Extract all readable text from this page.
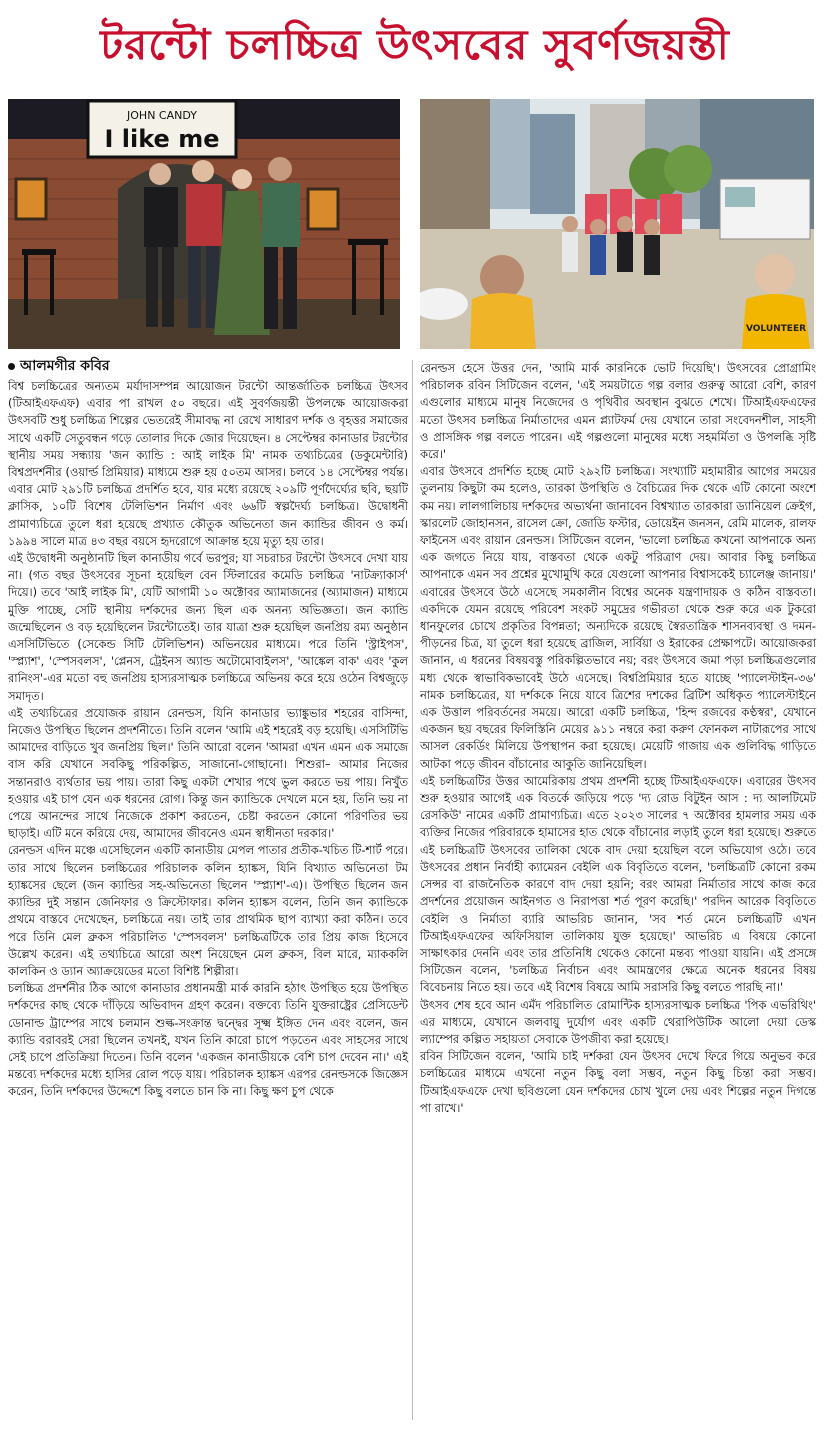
টরন্টো চলচ্চিত্র উৎসবের সুবর্ণজয়ন্তী
JOHN CANDY
I like me
VOLUNTEER
আলমগীর কবির

বিশ্ব চলচ্চিত্রের অন্যতম মর্যাদাসম্পন্ন আয়োজন টরন্টো আন্তর্জাতিক চলচ্চিত্র উৎসব (টিআইএফএফ) এবার পা রাখল ৫০ বছরে। এই সুবর্ণজয়ন্তী উপলক্ষে আয়োজকরা উৎসবটি শুধু চলচ্চিত্র শিল্পের ভেতরেই সীমাবদ্ধ না রেখে সাধারণ দর্শক ও বৃহত্তর সমাজের সাথে একটি সেতুবন্ধন গড়ে তোলার দিকে জোর দিয়েছেন। ৪ সেপ্টেম্বর কানাডার টরন্টোর স্থানীয় সময় সন্ধ্যায় 'জন ক্যান্ডি : আই লাইক মি' নামক তথ্যচিত্রের (ডকুমেন্টারি) বিশ্বপ্রদর্শনীর (ওয়ার্ল্ড প্রিমিয়ার) মাধ্যমে শুরু হয় ৫০তম আসর। চলবে ১৪ সেপ্টেম্বর পর্যন্ত। এবার মোট ২৯১টি চলচ্চিত্র প্রদর্শিত হবে, যার মধ্যে রয়েছে ২০৯টি পূর্ণদৈর্ঘ্যের ছবি, ছয়টি ক্লাসিক, ১০টি বিশেষ টেলিভিশন নির্মাণ এবং ৬৬টি স্বল্পদৈর্ঘ্য চলচ্চিত্র। উদ্বোধনী প্রামাণ্যচিত্রে তুলে ধরা হয়েছে প্রখ্যাত কৌতুক অভিনেতা জন ক্যান্ডির জীবন ও কর্ম। ১৯৯৪ সালে মাত্র ৪৩ বছর বয়সে হৃদরোগে আক্রান্ত হয়ে মৃত্যু হয় তার।

এই উদ্বোধনী অনুষ্ঠানটি ছিল কানাডীয় গর্বে ভরপুর; যা সচরাচর টরন্টো উৎসবে দেখা যায় না। (গত বছর উৎসবের সূচনা হয়েছিল বেন স্টিলারের কমেডি চলচ্চিত্র 'নাটক্র্যাকার্স' দিয়ে।) তবে 'আই লাইক মি', যেটি আগামী ১০ অক্টোবর অ্যামাজনের (অ্যামাজন) মাধ্যমে মুক্তি পাচ্ছে, সেটি স্থানীয় দর্শকদের জন্য ছিল এক অনন্য অভিজ্ঞতা। জন ক্যান্ডি জন্মেছিলেন ও বড় হয়েছিলেন টরন্টোতেই। তার যাত্রা শুরু হয়েছিল জনপ্রিয় রম্য অনুষ্ঠান এসসিটিভিতে (সেকেন্ড সিটি টেলিভিশন) অভিনয়ের মাধ্যমে। পরে তিনি 'স্ট্রাইপস', 'স্প্ল্যাশ', 'স্পেসবলস', 'প্লেনস, ট্রেইনস অ্যান্ড অটোমোবাইলস', 'আঙ্কেল বাক' এবং 'কুল রানিংস'-এর মতো বহু জনপ্রিয় হাস্যরসাত্মক চলচ্চিত্রে অভিনয় করে হয়ে ওঠেন বিশ্বজুড়ে সমাদৃত।

এই তথ্যচিত্রের প্রযোজক রায়ান রেনল্ডস, যিনি কানাডার ভ্যাঙ্কুভার শহরের বাসিন্দা, নিজেও উপস্থিত ছিলেন প্রদর্শনীতে। তিনি বলেন 'আমি এই শহরেই বড় হয়েছি। এসসিটিভি আমাদের বাড়িতে খুব জনপ্রিয় ছিল।' তিনি আরো বলেন 'আমরা এখন এমন এক সমাজে বাস করি যেখানে সবকিছু পরিকল্পিত, সাজানো-গোছানো। শিশুরা– আমার নিজের সন্তানরাও ব্যর্থতার ভয় পায়। তারা কিছু একটা শেখার পথে ভুল করতে ভয় পায়। নিখুঁত হওয়ার এই চাপ যেন এক ধরনের রোগ। কিন্তু জন ক্যান্ডিকে দেখলে মনে হয়, তিনি ভয় না পেয়ে আনন্দের সাথে নিজেকে প্রকাশ করতেন, চেষ্টা করতেন কোনো পরিণতির ভয় ছাড়াই। এটি মনে করিয়ে দেয়, আমাদের জীবনেও এমন স্বাধীনতা দরকার।'

রেনল্ডস এদিন মঞ্চে এসেছিলেন একটি কানাডীয় মেপল পাতার প্রতীক-খচিত টি-শার্ট পরে। তার সাথে ছিলেন চলচ্চিত্রের পরিচালক কলিন হ্যাঙ্কস, যিনি বিখ্যাত অভিনেতা টম হ্যাঙ্কসের ছেলে (জন ক্যান্ডির সহ-অভিনেতা ছিলেন 'স্প্ল্যাশ'-এ)। উপস্থিত ছিলেন জন ক্যান্ডির দুই সন্তান জেনিফার ও ক্রিস্টোফার। কলিন হ্যাঙ্কস বলেন, তিনি জন ক্যান্ডিকে প্রথমে বাস্তবে দেখেছেন, চলচ্চিত্রে নয়। তাই তার প্রাথমিক ছাপ ব্যাখ্যা করা কঠিন। তবে পরে তিনি মেল ব্রুকস পরিচালিত 'স্পেসবলস' চলচ্চিত্রটিকে তার প্রিয় কাজ হিসেবে উল্লেখ করেন। এই তথ্যচিত্রে আরো অংশ নিয়েছেন মেল ব্রুকস, বিল মারে, ম্যাককলি কালকিন ও ড্যান অ্যাক্রয়েডের মতো বিশিষ্ট শিল্পীরা।

চলচ্চিত্র প্রদর্শনীর ঠিক আগে কানাডার প্রধানমন্ত্রী মার্ক কারনি হঠাৎ উপস্থিত হয়ে উপস্থিত দর্শকদের কাছ থেকে দাঁড়িয়ে অভিবাদন গ্রহণ করেন। বক্তব্যে তিনি যুক্তরাষ্ট্রের প্রেসিডেন্ট ডোনাল্ড ট্রাম্পের সাথে চলমান শুল্ক-সংক্রান্ত দ্বন্দ্বের সূক্ষ্ম ইঙ্গিত দেন এবং বলেন, জন ক্যান্ডি বরাবরই সেরা ছিলেন তখনই, যখন তিনি কারো চাপে পড়তেন এবং সাহসের সাথে সেই চাপে প্রতিক্রিয়া দিতেন। তিনি বলেন 'একজন কানাডীয়কে বেশি চাপ দেবেন না।' এই মন্তব্যে দর্শকদের মধ্যে হাসির রোল পড়ে যায়। পরিচালক হ্যাঙ্কস এরপর রেনল্ডসকে জিজ্ঞেস করেন, তিনি দর্শকদের উদ্দেশে কিছু বলতে চান কি না। কিছু ক্ষণ চুপ থেকে

রেনল্ডস হেসে উত্তর দেন, 'আমি মার্ক কারনিকে ভোট দিয়েছি'। উৎসবের প্রোগ্রামিং পরিচালক রবিন সিটিজেন বলেন, 'এই সময়টাতে গল্প বলার গুরুত্ব আরো বেশি, কারণ এগুলোর মাধ্যমে মানুষ নিজেদের ও পৃথিবীর অবস্থান বুঝতে শেখে। টিআইএফএফের মতো উৎসব চলচ্চিত্র নির্মাতাদের এমন প্ল্যাটফর্ম দেয় যেখানে তারা সংবেদনশীল, সাহসী ও প্রাসঙ্গিক গল্প বলতে পারেন। এই গল্পগুলো মানুষের মধ্যে সহমর্মিতা ও উপলব্ধি সৃষ্টি করে।'

এবার উৎসবে প্রদর্শিত হচ্ছে মোট ২৯২টি চলচ্চিত্র। সংখ্যাটি মহামারীর আগের সময়ের তুলনায় কিছুটা কম হলেও, তারকা উপস্থিতি ও বৈচিত্রের দিক থেকে এটি কোনো অংশে কম নয়। লালগালিচায় দর্শকদের অভ্যর্থনা জানাবেন বিশ্বখ্যাত তারকারা ড্যানিয়েল ক্রেইগ, স্কারলেট জোহানসন, রাসেল ক্রো, জোডি ফস্টার, ডোয়েইন জনসন, রেমি মালেক, রালফ ফাইনেস এবং রায়ান রেনল্ডস। সিটিজেন বলেন, 'ভালো চলচ্চিত্র কখনো আপনাকে অন্য এক জগতে নিয়ে যায়, বাস্তবতা থেকে একটু পরিত্রাণ দেয়। আবার কিছু চলচ্চিত্র আপনাকে এমন সব প্রশ্নের মুখোমুখি করে যেগুলো আপনার বিশ্বাসকেই চ্যালেঞ্জ জানায়।' এবারের উৎসবে উঠে এসেছে সমকালীন বিশ্বের অনেক যন্ত্রণাদায়ক ও কঠিন বাস্তবতা। একদিকে যেমন রয়েছে পরিবেশ সংকট সমুদ্রের গভীরতা থেকে শুরু করে এক টুকরো ধানফুলের চোখে প্রকৃতির বিপন্নতা; অন্যদিকে রয়েছে স্বৈরতান্ত্রিক শাসনব্যবস্থা ও দমন-পীড়নের চিত্র, যা তুলে ধরা হয়েছে ব্রাজিল, সার্বিয়া ও ইরাকের প্রেক্ষাপটে। আয়োজকরা জানান, এ ধরনের বিষয়বস্তু পরিকল্পিতভাবে নয়; বরং উৎসবে জমা পড়া চলচ্চিত্রগুলোর মধ্য থেকে স্বাভাবিকভাবেই উঠে এসেছে। বিশ্বপ্রিমিয়ার হতে যাচ্ছে 'প্যালেস্টাইন-৩৬' নামক চলচ্চিত্রের, যা দর্শককে নিয়ে যাবে ত্রিশের দশকের ব্রিটিশ অধিকৃত প্যালেস্টাইনে এক উত্তাল পরিবর্তনের সময়ে। আরো একটি চলচ্চিত্র, 'হিন্দ রজবের কণ্ঠস্বর', যেখানে একজন ছয় বছরের ফিলিস্তিনি মেয়ের ৯১১ নম্বরে করা করুণ ফোনকল নাটারূপের সাথে আসল রেকর্ডিং মিলিয়ে উপস্থাপন করা হয়েছে। মেয়েটি গাজায় এক গুলিবিদ্ধ গাড়িতে আটকা পড়ে জীবন বাঁচানোর আকুতি জানিয়েছিল।

এই চলচ্চিত্রটির উত্তর আমেরিকায় প্রথম প্রদর্শনী হচ্ছে টিআইএফএফে। এবারের উৎসব শুরু হওয়ার আগেই এক বিতর্কে জড়িয়ে পড়ে 'দ্য রোড বিটুইন আস : দ্য আলটিমেট রেসকিউ' নামের একটি প্রামাণ্যচিত্র। এতে ২০২৩ সালের ৭ অক্টোবর হামলার সময় এক ব্যক্তির নিজের পরিবারকে হামাসের হাত থেকে বাঁচানোর লড়াই তুলে ধরা হয়েছে। শুরুতে এই চলচ্চিত্রটি উৎসবের তালিকা থেকে বাদ দেয়া হয়েছিল বলে অভিযোগ ওঠে। তবে উৎসবের প্রধান নির্বাহী ক্যামেরন বেইলি এক বিবৃতিতে বলেন, 'চলচ্চিত্রটি কোনো রকম সেন্সর বা রাজনৈতিক কারণে বাদ দেয়া হয়নি; বরং আমরা নির্মাতার সাথে কাজ করে প্রদর্শনের প্রয়োজন আইনগত ও নিরাপত্তা শর্ত পূরণ করেছি।' পরদিন আরেক বিবৃতিতে বেইলি ও নির্মাতা ব্যারি আভরিচ জানান, 'সব শর্ত মেনে চলচ্চিত্রটি এখন টিআইএফএফের অফিসিয়াল তালিকায় যুক্ত হয়েছে।' আভরিচ এ বিষয়ে কোনো সাক্ষাৎকার দেননি এবং তার প্রতিনিধি থেকেও কোনো মন্তব্য পাওয়া যায়নি। এই প্রসঙ্গে সিটিজেন বলেন, 'চলচ্চিত্র নির্বাচন এবং আমন্ত্রণের ক্ষেত্রে অনেক ধরনের বিষয় বিবেচনায় নিতে হয়। তবে এই বিশেষ বিষয়ে আমি সরাসরি কিছু বলতে পারছি না।'

উৎসব শেষ হবে আন এমঁদ পরিচালিত রোমান্টিক হাস্যরসাত্মক চলচ্চিত্র 'পিক এভরিথিং' এর মাধ্যমে, যেখানে জলবায়ু দুর্যোগ এবং একটি থেরাপিউটিক আলো দেয়া ডেস্ক ল্যাম্পের কল্পিত সহায়তা সেবাকে উপজীব্য করা হয়েছে।

রবিন সিটিজেন বলেন, 'আমি চাই দর্শকরা যেন উৎসব দেখে ফিরে গিয়ে অনুভব করে চলচ্চিত্রের মাধ্যমে এখনো নতুন কিছু বলা সম্ভব, নতুন কিছু চিন্তা করা সম্ভব। টিআইএফএফে দেখা ছবিগুলো যেন দর্শকদের চোখ খুলে দেয় এবং শিল্পের নতুন দিগন্তে পা রাখে।'
